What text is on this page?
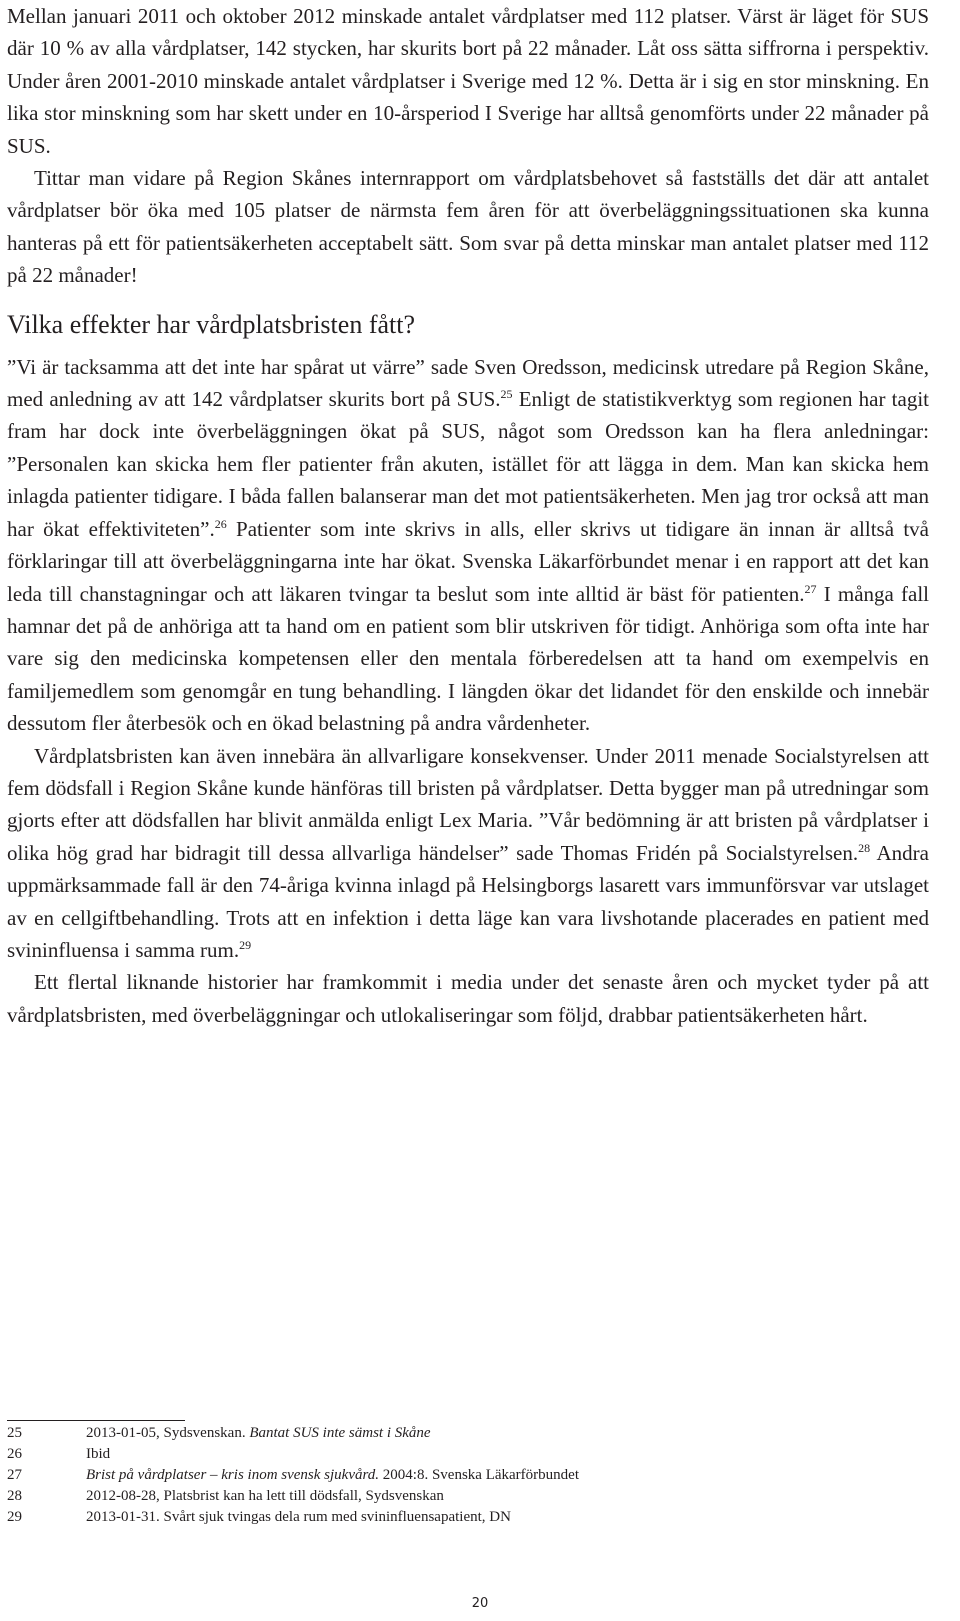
Mellan januari 2011 och oktober 2012 minskade antalet vårdplatser med 112 platser. Värst är läget för SUS där 10 % av alla vårdplatser, 142 stycken, har skurits bort på 22 månader. Låt oss sätta siffrorna i perspektiv. Under åren 2001-2010 minskade antalet vårdplatser i Sverige med 12 %. Detta är i sig en stor minskning. En lika stor minskning som har skett under en 10-årsperiod I Sverige har alltså genomförts under 22 månader på SUS.

Tittar man vidare på Region Skånes internrapport om vårdplatsbehovet så fastställs det där att antalet vårdplatser bör öka med 105 platser de närmsta fem åren för att överbeläggningssituationen ska kunna hanteras på ett för patientsäkerheten acceptabelt sätt. Som svar på detta minskar man antalet platser med 112 på 22 månader!

Vilka effekter har vårdplatsbristen fått?

”Vi är tacksamma att det inte har spårat ut värre” sade Sven Oredsson, medicinsk utredare på Region Skåne, med anledning av att 142 vårdplatser skurits bort på SUS.$^{25}$ Enligt de statistikverktyg som regionen har tagit fram har dock inte överbeläggningen ökat på SUS, något som Oredsson kan ha flera anledningar: ”Personalen kan skicka hem fler patienter från akuten, istället för att lägga in dem. Man kan skicka hem inlagda patienter tidigare. I båda fallen balanserar man det mot patientsäkerheten. Men jag tror också att man har ökat effektiviteten”.$^{26}$ Patienter som inte skrivs in alls, eller skrivs ut tidigare än innan är alltså två förklaringar till att överbeläggningarna inte har ökat. Svenska Läkarförbundet menar i en rapport att det kan leda till chanstagningar och att läkaren tvingar ta beslut som inte alltid är bäst för patienten.$^{27}$ I många fall hamnar det på de anhöriga att ta hand om en patient som blir utskriven för tidigt. Anhöriga som ofta inte har vare sig den medicinska kompetensen eller den mentala förberedelsen att ta hand om exempelvis en familjemedlem som genomgår en tung behandling. I längden ökar det lidandet för den enskilde och innebär dessutom fler återbesök och en ökad belastning på andra vårdenheter.

Vårdplatsbristen kan även innebära än allvarligare konsekvenser. Under 2011 menade Socialstyrelsen att fem dödsfall i Region Skåne kunde hänföras till bristen på vårdplatser. Detta bygger man på utredningar som gjorts efter att dödsfallen har blivit anmälda enligt Lex Maria. ”Vår bedömning är att bristen på vårdplatser i olika hög grad har bidragit till dessa allvarliga händelser” sade Thomas Fridén på Socialstyrelsen.$^{28}$ Andra uppmärksammade fall är den 74-åriga kvinna inlagd på Helsingborgs lasarett vars immunförsvar var utslaget av en cellgiftbehandling. Trots att en infektion i detta läge kan vara livshotande placerades en patient med svininfluensa i samma rum.$^{29}$

Ett flertal liknande historier har framkommit i media under det senaste åren och mycket tyder på att vårdplatsbristen, med överbeläggningar och utlokaliseringar som följd, drabbar patientsäkerheten hårt.

25	2013-01-05, Sydsvenskan. Bantat SUS inte sämst i Skåne
26	Ibid
27	Brist på vårdplatser – kris inom svensk sjukvård. 2004:8. Svenska Läkarförbundet
28	2012-08-28, Platsbrist kan ha lett till dödsfall, Sydsvenskan
29	2013-01-31. Svårt sjuk tvingas dela rum med svininfluensapatient, DN
20
